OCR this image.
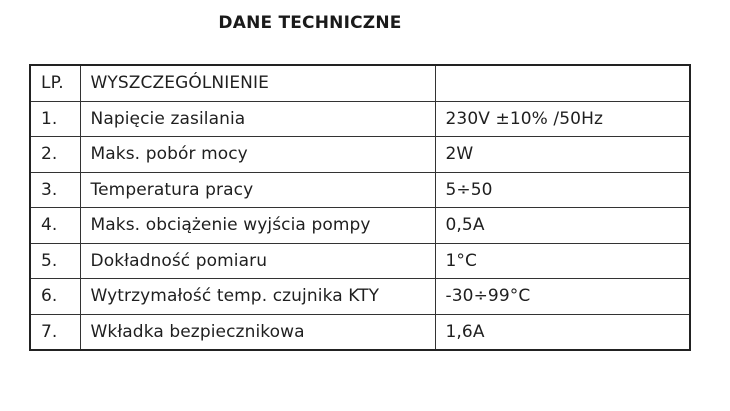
DANE TECHNICZNE
LP.	WYSZCZEGÓLNIENIE	
1.	Napięcie zasilania	230V ±10% /50Hz
2.	Maks. pobór mocy	2W
3.	Temperatura pracy	5÷50
4.	Maks. obciążenie wyjścia pompy	0,5A
5.	Dokładność pomiaru	1°C
6.	Wytrzymałość temp. czujnika KTY	-30÷99°C
7.	Wkładka bezpiecznikowa	1,6A
